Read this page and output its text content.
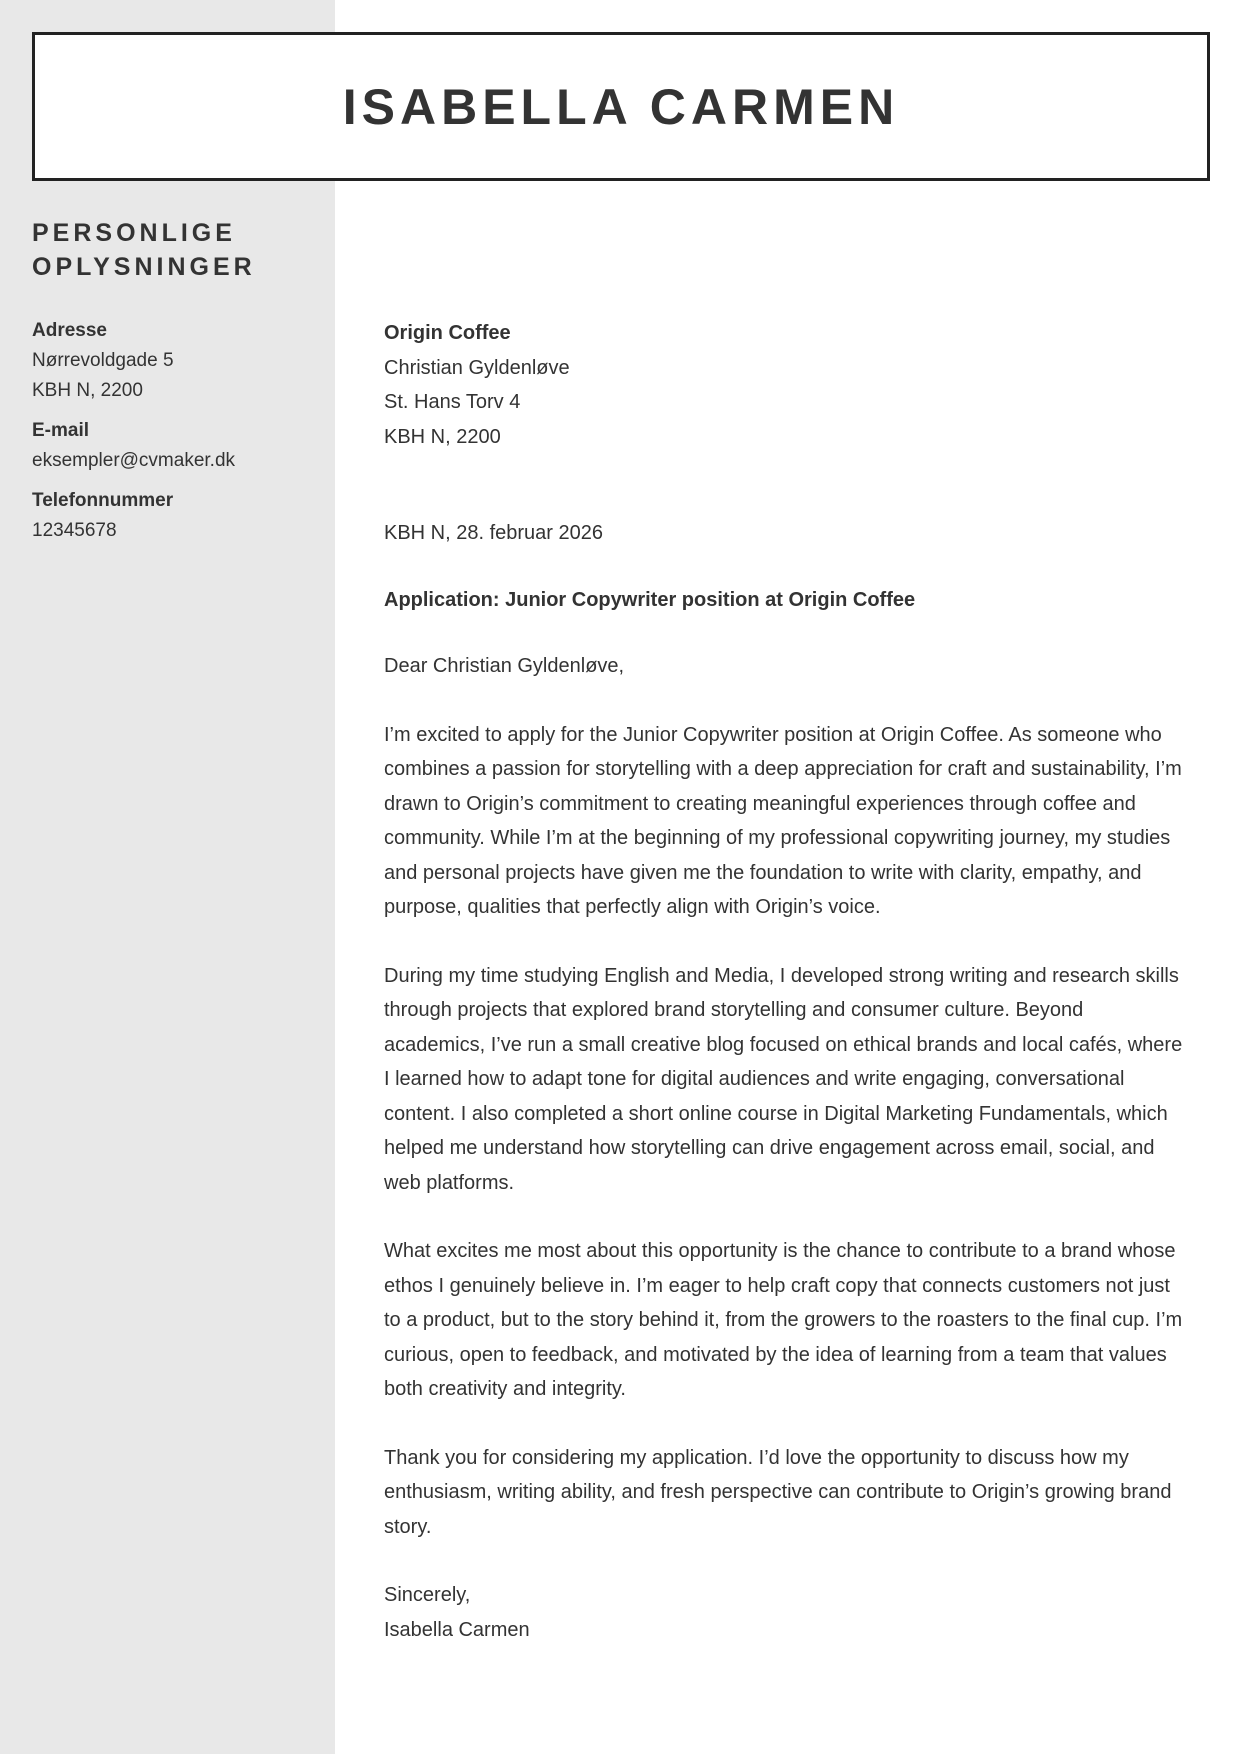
ISABELLA CARMEN
PERSONLIGE
OPLYSNINGER
Adresse
Nørrevoldgade 5
KBH N, 2200
E-mail
eksempler@cvmaker.dk
Telefonnummer
12345678
Origin Coffee
Christian Gyldenløve
St. Hans Torv 4
KBH N, 2200
KBH N, 28. februar 2026
Application: Junior Copywriter position at Origin Coffee
Dear Christian Gyldenløve,

I’m excited to apply for the Junior Copywriter position at Origin Coffee. As someone who combines a passion for storytelling with a deep appreciation for craft and sustainability, I’m drawn to Origin’s commitment to creating meaningful experiences through coffee and community. While I’m at the beginning of my professional copywriting journey, my studies and personal projects have given me the foundation to write with clarity, empathy, and purpose, qualities that perfectly align with Origin’s voice.

During my time studying English and Media, I developed strong writing and research skills through projects that explored brand storytelling and consumer culture. Beyond academics, I’ve run a small creative blog focused on ethical brands and local cafés, where I learned how to adapt tone for digital audiences and write engaging, conversational content. I also completed a short online course in Digital Marketing Fundamentals, which helped me understand how storytelling can drive engagement across email, social, and web platforms.

What excites me most about this opportunity is the chance to contribute to a brand whose ethos I genuinely believe in. I’m eager to help craft copy that connects customers not just to a product, but to the story behind it, from the growers to the roasters to the final cup. I’m curious, open to feedback, and motivated by the idea of learning from a team that values both creativity and integrity.

Thank you for considering my application. I’d love the opportunity to discuss how my enthusiasm, writing ability, and fresh perspective can contribute to Origin’s growing brand story.

Sincerely,
Isabella Carmen
